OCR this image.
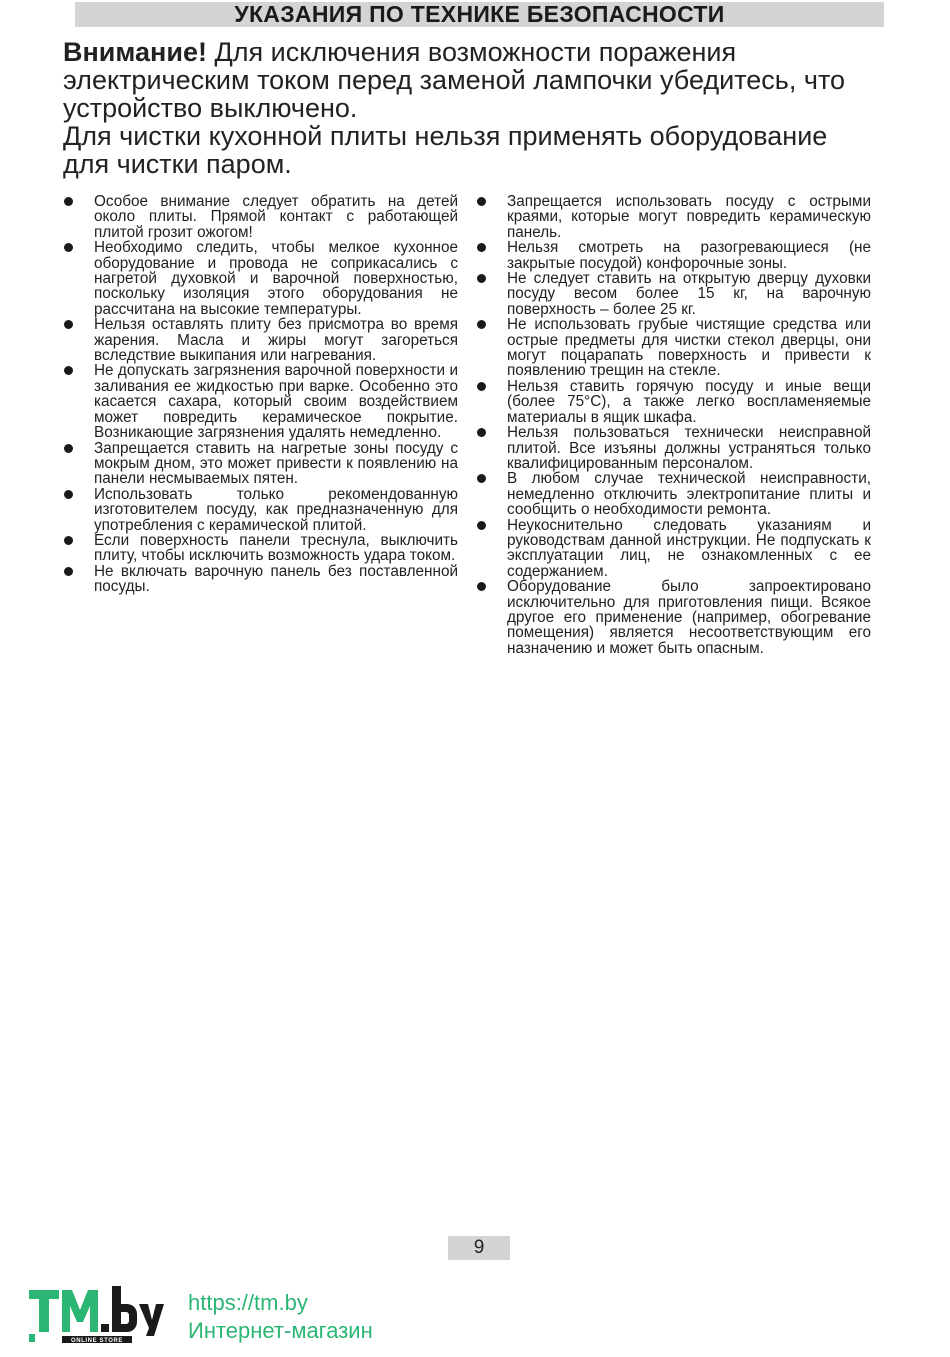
УКАЗАНИЯ ПО ТЕХНИКЕ БЕЗОПАСНОСТИ

Внимание! Для исключения возможности поражения электрическим током перед заменой лампочки убедитесь, что устройство выключено.

Для чистки кухонной плиты нельзя применять оборудование для чистки паром.

Особое внимание следует обратить на детей около плиты. Прямой контакт с работающей плитой грозит ожогом!
Необходимо следить, чтобы мелкое кухонное оборудование и провода не соприкасались с нагретой духовкой и варочной поверхностью, поскольку изоляция этого оборудования не рассчитана на высокие температуры.
Нельзя оставлять плиту без присмотра во время жарения. Масла и жиры могут загореться вследствие выкипания или нагревания.
Не допускать загрязнения варочной поверхности и заливания ее жидкостью при варке. Особенно это касается сахара, который своим воздействием может повредить керамическое покрытие. Возникающие загрязнения удалять немедленно.
Запрещается ставить на нагретые зоны посуду с мокрым дном, это может привести к появлению на панели несмываемых пятен.
Использовать только рекомендованную изготовителем посуду, как предназначенную для употребления с керамической плитой.
Если поверхность панели треснула, выключить плиту, чтобы исключить возможность удара током.
Не включать варочную панель без поставленной посуды.
Запрещается использовать посуду с острыми краями, которые могут повредить керамическую панель.
Нельзя смотреть на разогревающиеся (не закрытые посудой) конфорочные зоны.
Не следует ставить на открытую дверцу духовки посуду весом более 15 кг, на варочную поверхность – более 25 кг.
Не использовать грубые чистящие средства или острые предметы для чистки стекол дверцы, они могут поцарапать поверхность и привести к появлению трещин на стекле.
Нельзя ставить горячую посуду и иные вещи (более 75°С), а также легко воспламеняемые материалы в ящик шкафа.
Нельзя пользоваться технически неисправной плитой. Все изъяны должны устраняться только квалифицированным персоналом.
В любом случае технической неисправности, немедленно отключить электропитание плиты и сообщить о необходимости ремонта.
Неукоснительно следовать указаниям и руководствам данной инструкции. Не подпускать к эксплуатации лиц, не ознакомленных с ее содержанием.
Оборудование было запроектировано исключительно для приготовления пищи. Всякое другое его применение (например, обогревание помещения) является несоответствующим его назначению и может быть опасным.
9
ONLINE STORE
https://tm.by
Интернет-магазин
